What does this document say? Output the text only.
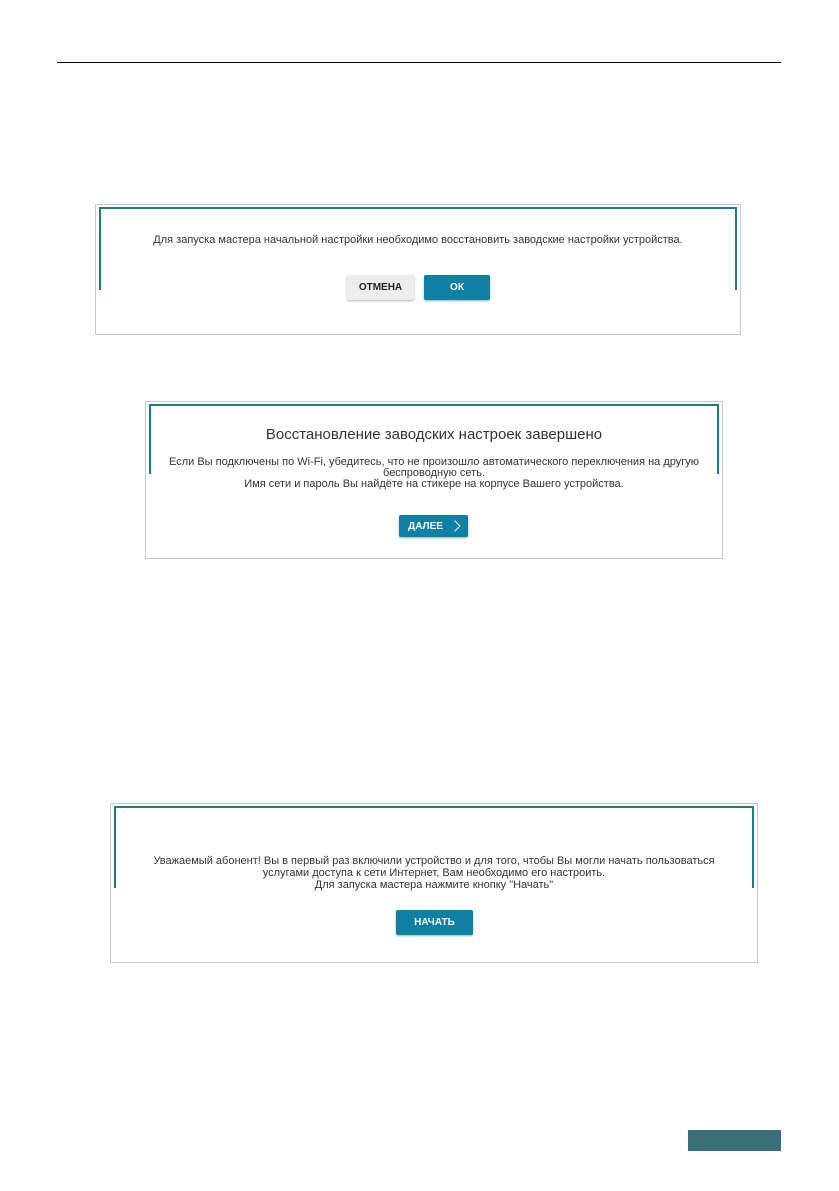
Для запуска мастера начальной настройки необходимо восстановить заводские настройки устройства.
ОТМЕНА	ОК
Восстановление заводских настроек завершено
Если Вы подключены по Wi-Fi, убедитесь, что не произошло автоматического переключения на другую
беспроводную сеть.
Имя сети и пароль Вы найдёте на стикере на корпусе Вашего устройства.
ДАЛЕЕ
Уважаемый абонент! Вы в первый раз включили устройство и для того, чтобы Вы могли начать пользоваться
услугами доступа к сети Интернет, Вам необходимо его настроить.
Для запуска мастера нажмите кнопку "Начать"
НАЧАТЬ
